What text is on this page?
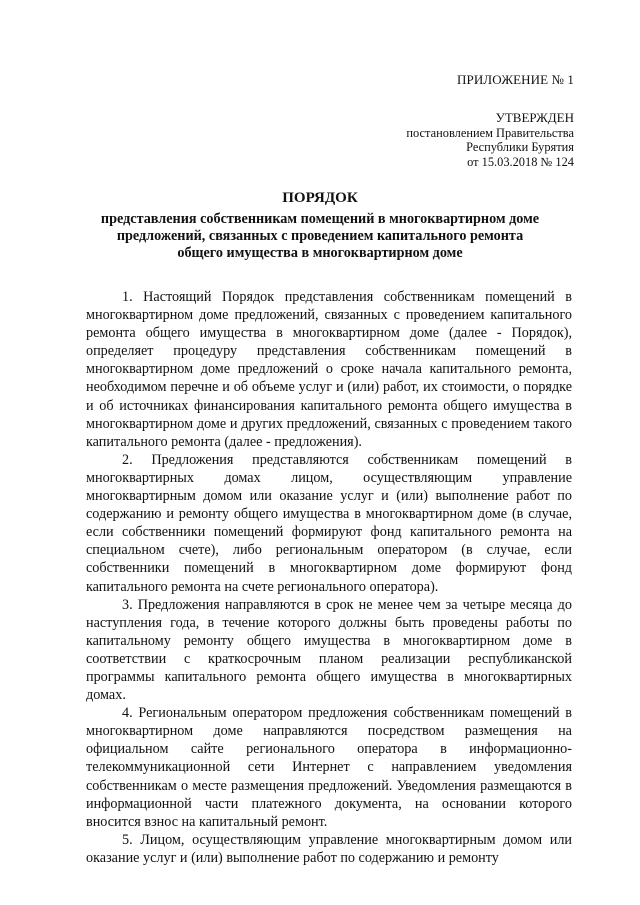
ПРИЛОЖЕНИЕ № 1
УТВЕРЖДЕН
постановлением Правительства
Республики Бурятия
от 15.03.2018 № 124
ПОРЯДОК
представления собственникам помещений в многоквартирном доме
предложений, связанных с проведением капитального ремонта
общего имущества в многоквартирном доме

1. Настоящий Порядок представления собственникам помещений в многоквартирном доме предложений, связанных с проведением капитального ремонта общего имущества в многоквартирном доме (далее - Порядок), определяет процедуру представления собственникам помещений в многоквартирном доме предложений о сроке начала капитального ремонта, необходимом перечне и об объеме услуг и (или) работ, их стоимости, о порядке и об источниках финансирования капитального ремонта общего имущества в многоквартирном доме и других предложений, связанных с проведением такого капитального ремонта (далее - предложения).

2. Предложения представляются собственникам помещений в многоквартирных домах лицом, осуществляющим управление многоквартирным домом или оказание услуг и (или) выполнение работ по содержанию и ремонту общего имущества в многоквартирном доме (в случае, если собственники помещений формируют фонд капитального ремонта на специальном счете), либо региональным оператором (в случае, если собственники помещений в многоквартирном доме формируют фонд капитального ремонта на счете регионального оператора).

3. Предложения направляются в срок не менее чем за четыре месяца до наступления года, в течение которого должны быть проведены работы по капитальному ремонту общего имущества в многоквартирном доме в соответствии с краткосрочным планом реализации республиканской программы капитального ремонта общего имущества в многоквартирных домах.

4. Региональным оператором предложения собственникам помещений в многоквартирном доме направляются посредством размещения на официальном сайте регионального оператора в информационно-телекоммуникационной сети Интернет с направлением уведомления собственникам о месте размещения предложений. Уведомления размещаются в информационной части платежного документа, на основании которого вносится взнос на капитальный ремонт.

5. Лицом, осуществляющим управление многоквартирным домом или оказание услуг и (или) выполнение работ по содержанию и ремонту
